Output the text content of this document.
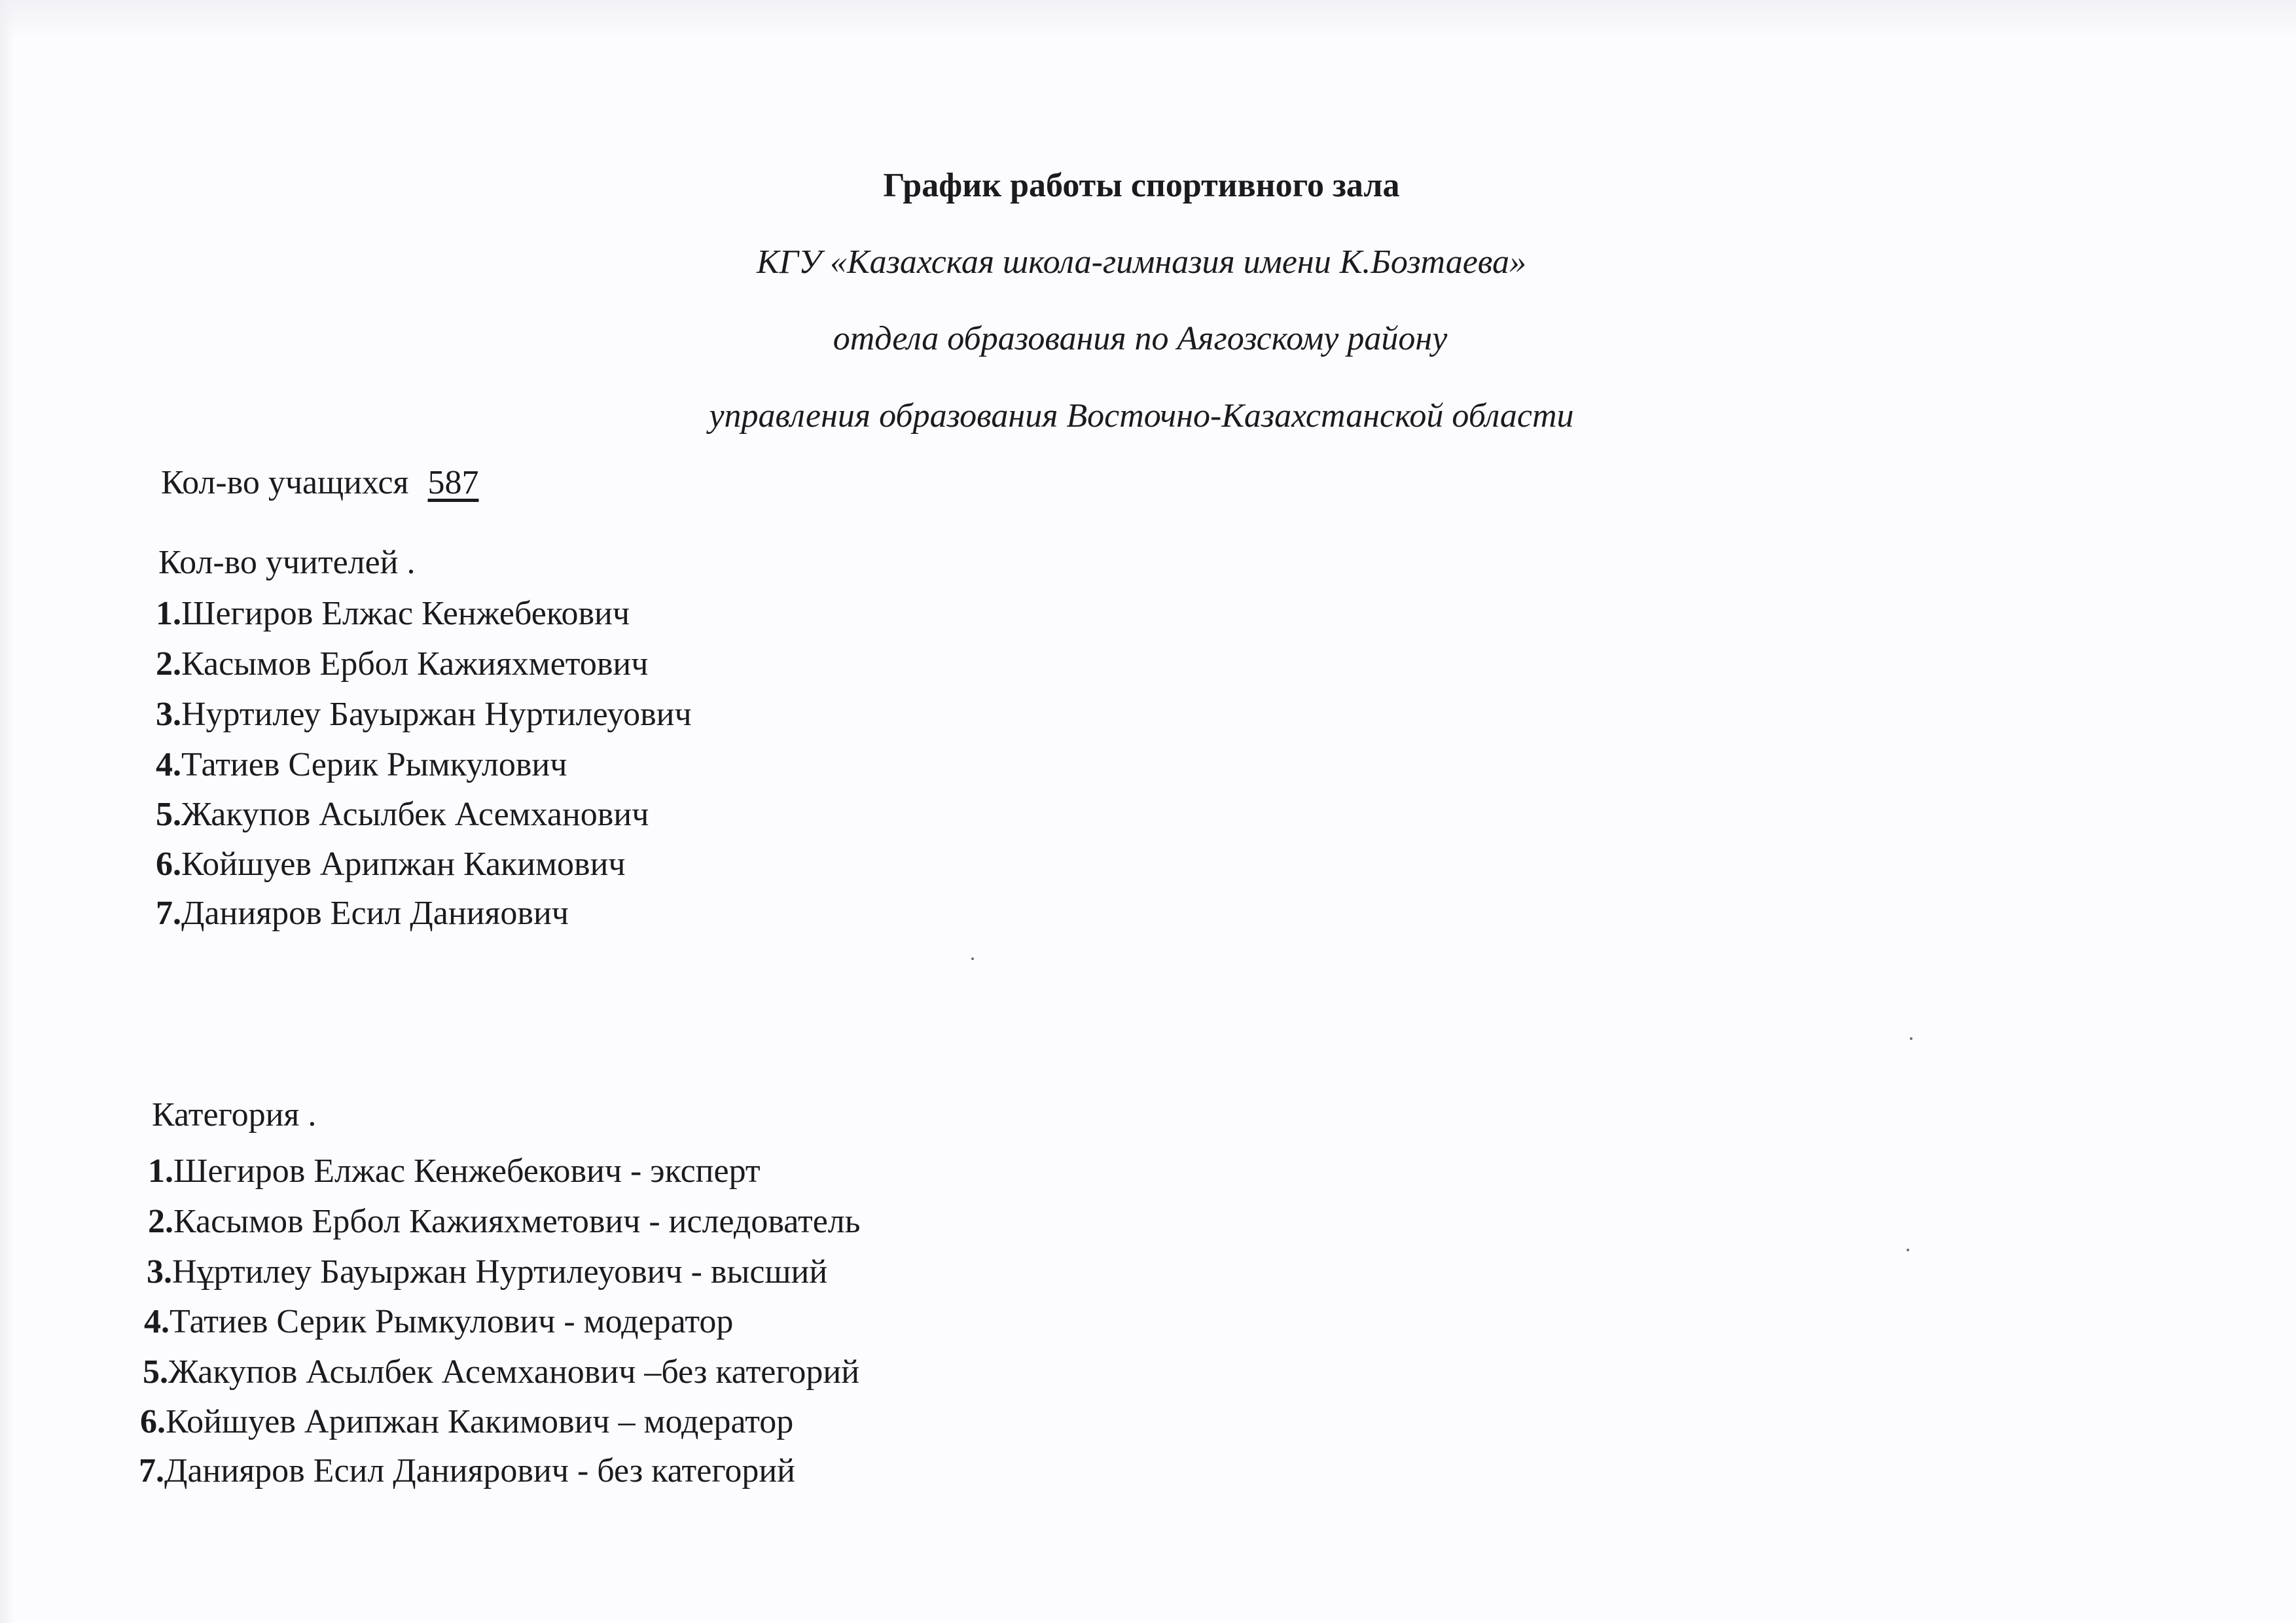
График работы спортивного зала
КГУ «Казахская школа-гимназия имени К.Бозтаева»
отдела образования по Аягозскому району
управления образования Восточно-Казахстанской области
Кол-во учащихся 587
Кол-во учителей .
1.Шегиров Елжас Кенжебекович
2.Касымов Ербол Кажияхметович
3.Нуртилеу Бауыржан Нуртилеуович
4.Татиев Серик Рымкулович
5.Жакупов Асылбек Асемханович
6.Койшуев Арипжан Какимович
7.Данияров Есил Данияович
Категория .
1.Шегиров Елжас Кенжебекович - эксперт
2.Касымов Ербол Кажияхметович - иследователь
3.Нұртилеу Бауыржан Нуртилеуович - высший
4.Татиев Серик Рымкулович - модератор
5.Жакупов Асылбек Асемханович –без категорий
6.Койшуев Арипжан Какимович – модератор
7.Данияров Есил Даниярович - без категорий
